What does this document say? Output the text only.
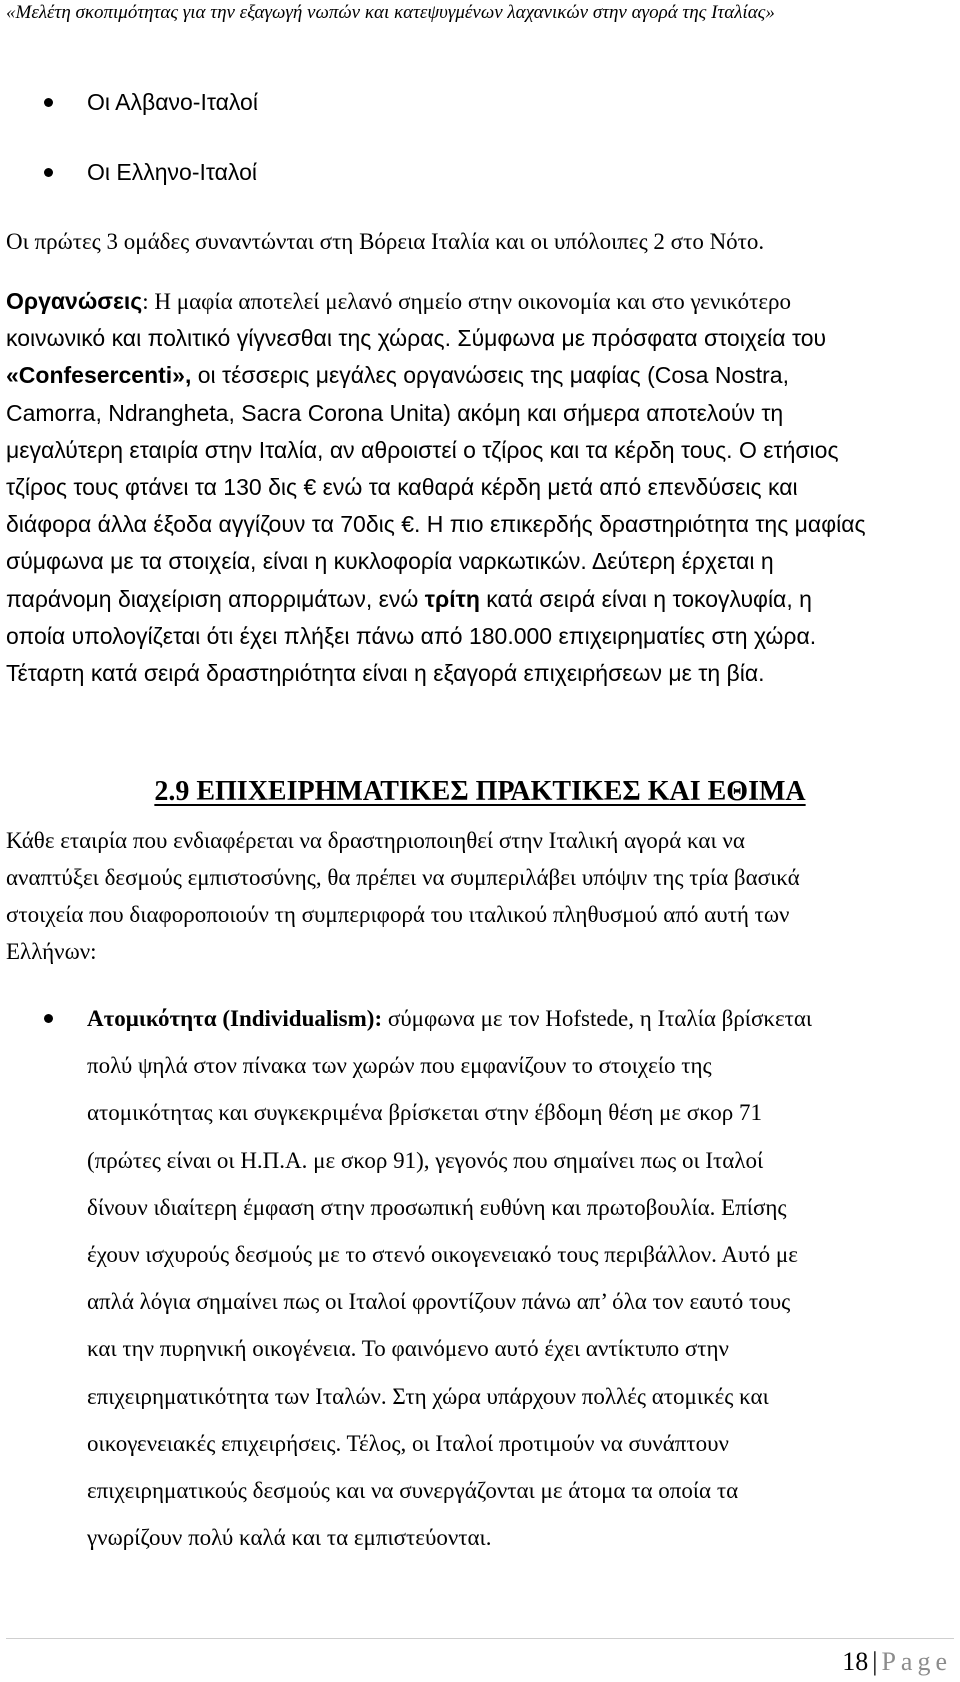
«Μελέτη σκοπιμότητας για την εξαγωγή νωπών και κατεψυγμένων λαχανικών στην αγορά της Ιταλίας»
Οι Αλβανο-Ιταλοί
Οι Ελληνο-Ιταλοί
Οι πρώτες 3 ομάδες συναντώνται στη Βόρεια Ιταλία και οι υπόλοιπες 2 στο Νότο.
Οργανώσεις: Η μαφία αποτελεί μελανό σημείο στην οικονομία και στο γενικότερο
κοινωνικό και πολιτικό γίγνεσθαι της χώρας. Σύμφωνα με πρόσφατα στοιχεία του
«Confesercenti», οι τέσσερις μεγάλες οργανώσεις της μαφίας (Cosa Nostra,
Camorra, Ndrangheta, Sacra Corona Unita) ακόμη και σήμερα αποτελούν τη
μεγαλύτερη εταιρία στην Ιταλία, αν αθροιστεί ο τζίρος και τα κέρδη τους. Ο ετήσιος
τζίρος τους φτάνει τα 130 δις € ενώ τα καθαρά κέρδη μετά από επενδύσεις και
διάφορα άλλα έξοδα αγγίζουν τα 70δις €. Η πιο επικερδής δραστηριότητα της μαφίας
σύμφωνα με τα στοιχεία, είναι η κυκλοφορία ναρκωτικών. Δεύτερη έρχεται η
παράνομη διαχείριση απορριμάτων, ενώ τρίτη κατά σειρά είναι η τοκογλυφία, η
οποία υπολογίζεται ότι έχει πλήξει πάνω από 180.000 επιχειρηματίες στη χώρα.
Τέταρτη κατά σειρά δραστηριότητα είναι η εξαγορά επιχειρήσεων με τη βία.
2.9 ΕΠΙΧΕΙΡΗΜΑΤΙΚΕΣ ΠΡΑΚΤΙΚΕΣ ΚΑΙ ΕΘΙΜΑ
Κάθε εταιρία που ενδιαφέρεται να δραστηριοποιηθεί στην Ιταλική αγορά και να
αναπτύξει δεσμούς εμπιστοσύνης, θα πρέπει να συμπεριλάβει υπόψιν της τρία βασικά
στοιχεία που διαφοροποιούν τη συμπεριφορά του ιταλικού πληθυσμού από αυτή των
Ελλήνων:
Ατομικότητα (Individualism): σύμφωνα με τον Hofstede, η Ιταλία βρίσκεται
πολύ ψηλά στον πίνακα των χωρών που εμφανίζουν το στοιχείο της
ατομικότητας και συγκεκριμένα βρίσκεται στην έβδομη θέση με σκορ 71
(πρώτες είναι οι Η.Π.Α. με σκορ 91), γεγονός που σημαίνει πως οι Ιταλοί
δίνουν ιδιαίτερη έμφαση στην προσωπική ευθύνη και πρωτοβουλία. Επίσης
έχουν ισχυρούς δεσμούς με το στενό οικογενειακό τους περιβάλλον. Αυτό με
απλά λόγια σημαίνει πως οι Ιταλοί φροντίζουν πάνω απ’ όλα τον εαυτό τους
και την πυρηνική οικογένεια. Το φαινόμενο αυτό έχει αντίκτυπο στην
επιχειρηματικότητα των Ιταλών. Στη χώρα υπάρχουν πολλές ατομικές και
οικογενειακές επιχειρήσεις. Τέλος, οι Ιταλοί προτιμούν να συνάπτουν
επιχειρηματικούς δεσμούς και να συνεργάζονται με άτομα τα οποία τα
γνωρίζουν πολύ καλά και τα εμπιστεύονται.
18 | Page
